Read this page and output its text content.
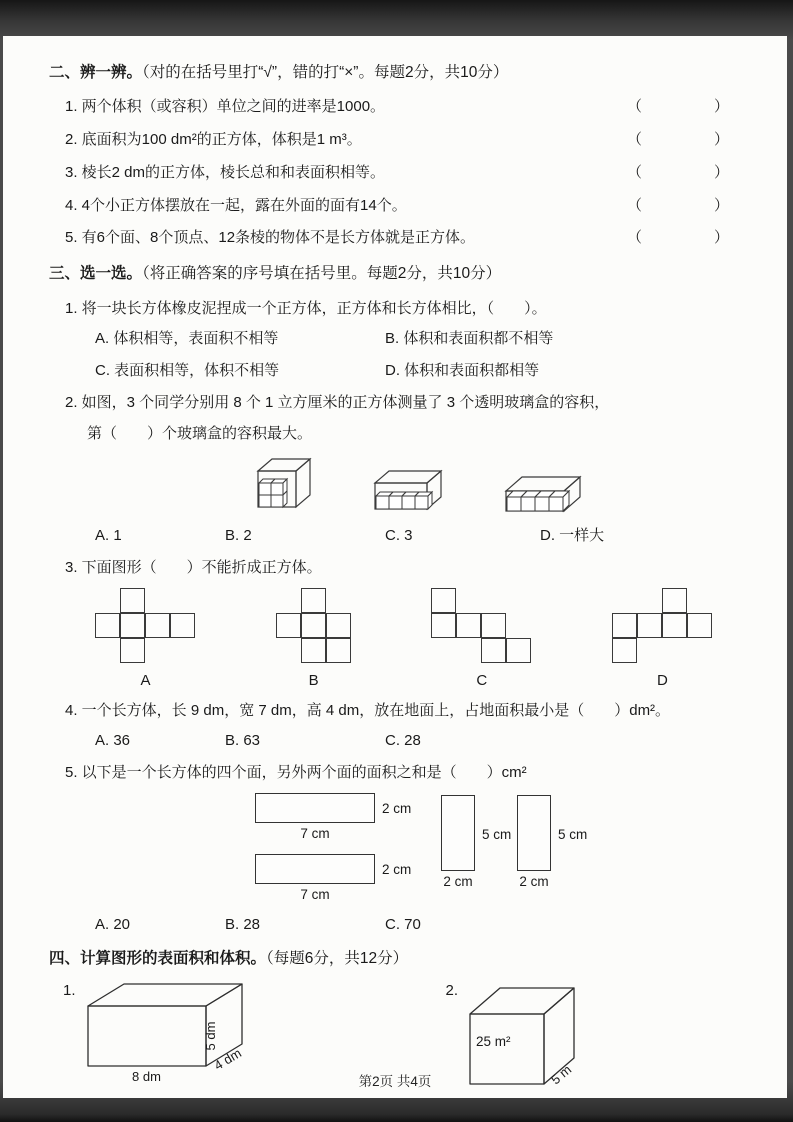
二、辨一辨。（对的在括号里打“√”，错的打“×”。每题2分，共10分）
1. 两个体积（或容积）单位之间的进率是1000。	（　　）
2. 底面积为100 dm²的正方体，体积是1 m³。	（　　）
3. 棱长2 dm的正方体，棱长总和和表面积相等。	（　　）
4. 4个小正方体摆放在一起，露在外面的面有14个。	（　　）
5. 有6个面、8个顶点、12条棱的物体不是长方体就是正方体。	（　　）
三、选一选。（将正确答案的序号填在括号里。每题2分，共10分）
1. 将一块长方体橡皮泥捏成一个正方体，正方体和长方体相比，（　　）。
A. 体积相等，表面积不相等	B. 体积和表面积都不相等
C. 表面积相等，体积不相等	D. 体积和表面积都相等
2. 如图，3 个同学分别用 8 个 1 立方厘米的正方体测量了 3 个透明玻璃盒的容积，
第（　　）个玻璃盒的容积最大。
A. 1	B. 2	C. 3	D. 一样大
3. 下面图形（　　）不能折成正方体。
A	B	C	D
4. 一个长方体，长 9 dm，宽 7 dm，高 4 dm，放在地面上，占地面积最小是（　　）dm²。
A. 36	B. 63	C. 28
5. 以下是一个长方体的四个面，另外两个面的面积之和是（　　）cm²
2 cm
7 cm
2 cm
7 cm
5 cm
2 cm
5 cm
2 cm
A. 20	B. 28	C. 70
四、计算图形的表面积和体积。（每题6分，共12分）
1.
8 dm
5 dm
4 dm
2.
25 m²
5 m
第2页 共4页
